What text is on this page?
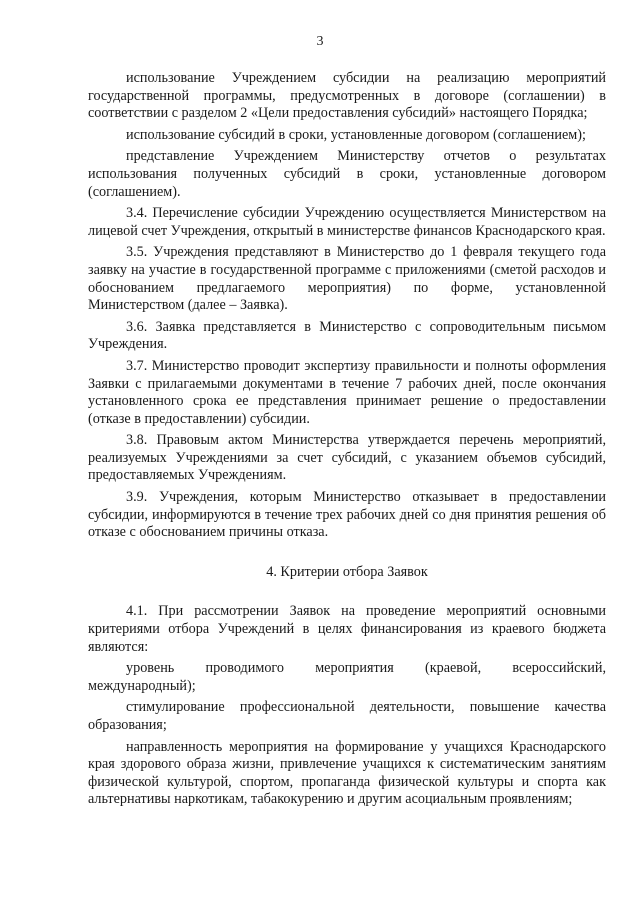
3

использование Учреждением субсидии на реализацию мероприятий государственной программы, предусмотренных в договоре (соглашении) в соответствии с разделом 2 «Цели предоставления субсидий» настоящего Порядка;

использование субсидий в сроки, установленные договором (соглашением);

представление Учреждением Министерству отчетов о результатах использования полученных субсидий в сроки, установленные договором (соглашением).

3.4. Перечисление субсидии Учреждению осуществляется Министерством на лицевой счет Учреждения, открытый в министерстве финансов Краснодарского края.

3.5. Учреждения представляют в Министерство до 1 февраля текущего года заявку на участие в государственной программе с приложениями (сметой расходов и обоснованием предлагаемого мероприятия) по форме, установленной Министерством (далее – Заявка).

3.6. Заявка представляется в Министерство с сопроводительным письмом Учреждения.

3.7. Министерство проводит экспертизу правильности и полноты оформления Заявки с прилагаемыми документами в течение 7 рабочих дней, после окончания установленного срока ее представления принимает решение о предоставлении (отказе в предоставлении) субсидии.

3.8. Правовым актом Министерства утверждается перечень мероприятий, реализуемых Учреждениями за счет субсидий, с указанием объемов субсидий, предоставляемых Учреждениям.

3.9. Учреждения, которым Министерство отказывает в предоставлении субсидии, информируются в течение трех рабочих дней со дня принятия решения об отказе с обоснованием причины отказа.

4. Критерии отбора Заявок

4.1. При рассмотрении Заявок на проведение мероприятий основными критериями отбора Учреждений в целях финансирования из краевого бюджета являются:

уровень проводимого мероприятия (краевой, всероссийский, международный);

стимулирование профессиональной деятельности, повышение качества образования;

направленность мероприятия на формирование у учащихся Краснодарского края здорового образа жизни, привлечение учащихся к систематическим занятиям физической культурой, спортом, пропаганда физической культуры и спорта как альтернативы наркотикам, табакокурению и другим асоциальным проявлениям;
